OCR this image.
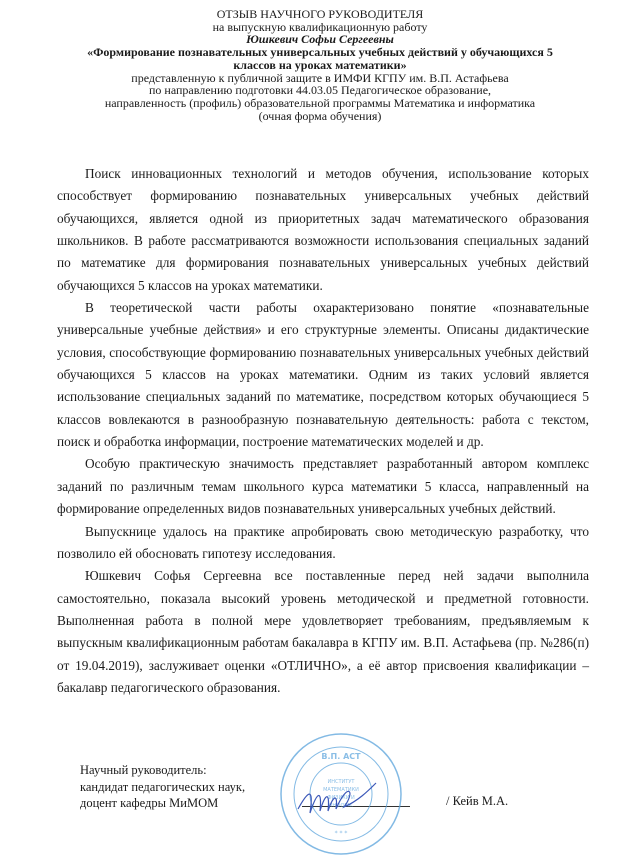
ОТЗЫВ НАУЧНОГО РУКОВОДИТЕЛЯ
на выпускную квалификационную работу
Юшкевич Софьи Сергеевны
«Формирование познавательных универсальных учебных действий у обучающихся 5
классов на уроках математики»
представленную к публичной защите в ИМФИ КГПУ им. В.П. Астафьева
по направлению подготовки 44.03.05 Педагогическое образование,
направленность (профиль) образовательной программы Математика и информатика
(очная форма обучения)

Поиск инновационных технологий и методов обучения, использование которых способствует формированию познавательных универсальных учебных действий обучающихся, является одной из приоритетных задач математического образования школьников. В работе рассматриваются возможности использования специальных заданий по математике для формирования познавательных универсальных учебных действий обучающихся 5 классов на уроках математики.

В теоретической части работы охарактеризовано понятие «познавательные универсальные учебные действия» и его структурные элементы. Описаны дидактические условия, способствующие формированию познавательных универсальных учебных действий обучающихся 5 классов на уроках математики. Одним из таких условий является использование специальных заданий по математике, посредством которых обучающиеся 5 классов вовлекаются в разнообразную познавательную деятельность: работа с текстом, поиск и обработка информации, построение математических моделей и др.

Особую практическую значимость представляет разработанный автором комплекс заданий по различным темам школьного курса математики 5 класса, направленный на формирование определенных видов познавательных универсальных учебных действий.

Выпускнице удалось на практике апробировать свою методическую разработку, что позволило ей обосновать гипотезу исследования.

Юшкевич Софья Сергеевна все поставленные перед ней задачи выполнила самостоятельно, показала высокий уровень методической и предметной готовности. Выполненная работа в полной мере удовлетворяет требованиям, предъявляемым к выпускным квалификационным работам бакалавра в КГПУ им. В.П. Астафьева (пр. №286(п) от 19.04.2019), заслуживает оценки «ОТЛИЧНО», а её автор присвоения квалификации – бакалавр педагогического образования.

Научный руководитель:
кандидат педагогических наук,
доцент кафедры МиМОМ	/ Кейв М.А.
В.П. АСТ
ИНСТИТУТ
МАТЕМАТИКИ
ФИЗИКИ И
ИНФОРМ.
* * *
